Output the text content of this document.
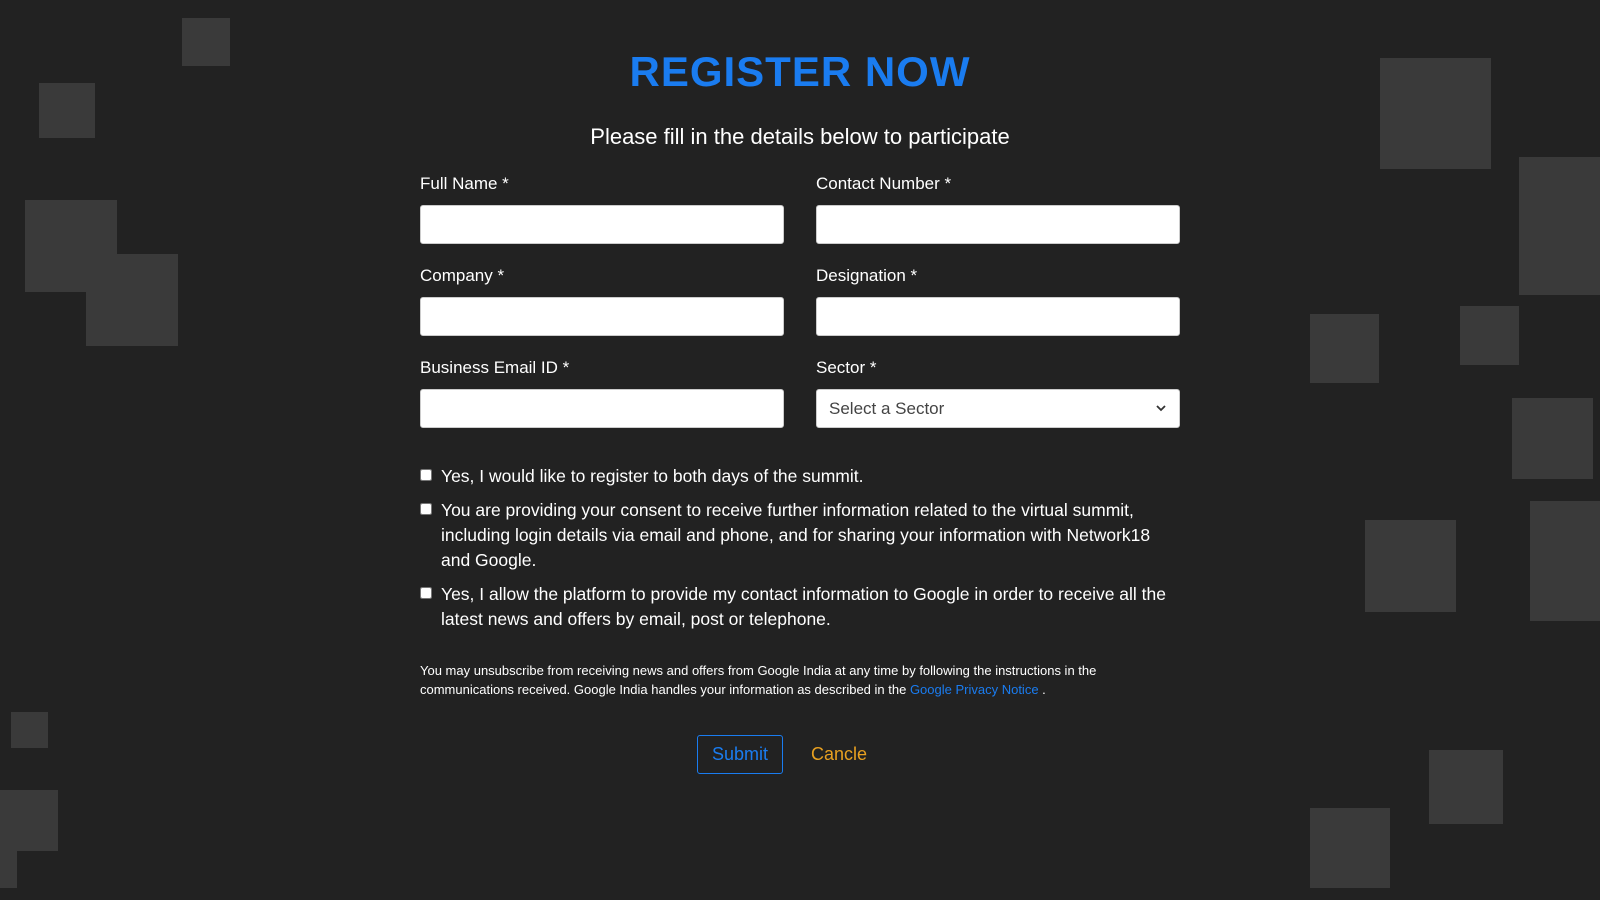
REGISTER NOW

Please fill in the details below to participate

Full Name *	Contact Number *
Company *	Designation *
Business Email ID *	Sector *
Select a Sector
Yes, I would like to register to both days of the summit.
You are providing your consent to receive further information related to the virtual summit, including login details via email and phone, and for sharing your information with Network18 and Google.
Yes, I allow the platform to provide my contact information to Google in order to receive all the latest news and offers by email, post or telephone.
You may unsubscribe from receiving news and offers from Google India at any time by following the instructions in the communications received. Google India handles your information as described in the Google Privacy Notice .
Submit	Cancle
